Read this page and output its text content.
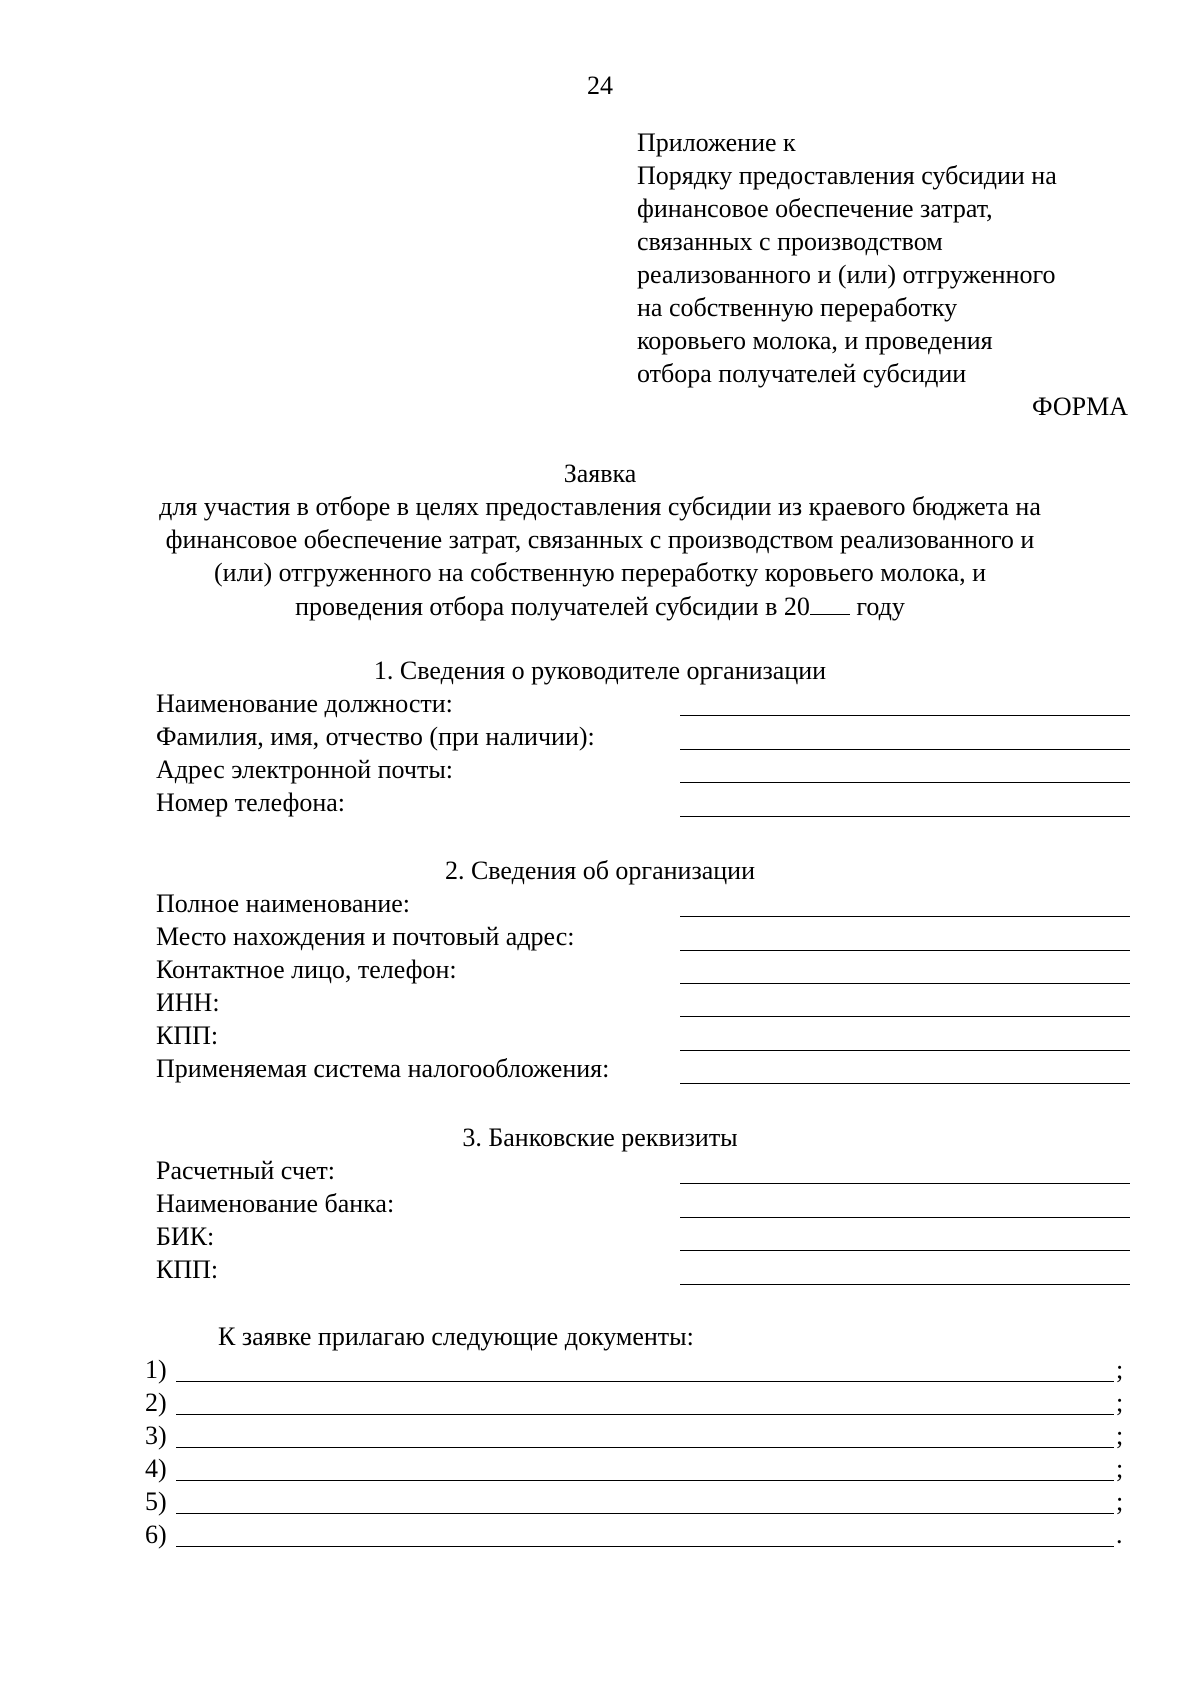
24
Приложение к
Порядку предоставления субсидии на
финансовое обеспечение затрат,
связанных с производством
реализованного и (или) отгруженного
на собственную переработку
коровьего молока, и проведения
отбора получателей субсидии
ФОРМА
Заявка
для участия в отборе в целях предоставления субсидии из краевого бюджета на
финансовое обеспечение затрат, связанных с производством реализованного и
(или) отгруженного на собственную переработку коровьего молока, и
проведения отбора получателей субсидии в 20 году
1. Сведения о руководителе организации
Наименование должности:
Фамилия, имя, отчество (при наличии):
Адрес электронной почты:
Номер телефона:
2. Сведения об организации
Полное наименование:
Место нахождения и почтовый адрес:
Контактное лицо, телефон:
ИНН:
КПП:
Применяемая система налогообложения:
3. Банковские реквизиты
Расчетный счет:
Наименование банка:
БИК:
КПП:
К заявке прилагаю следующие документы:
1)	;
2)	;
3)	;
4)	;
5)	;
6)	.
